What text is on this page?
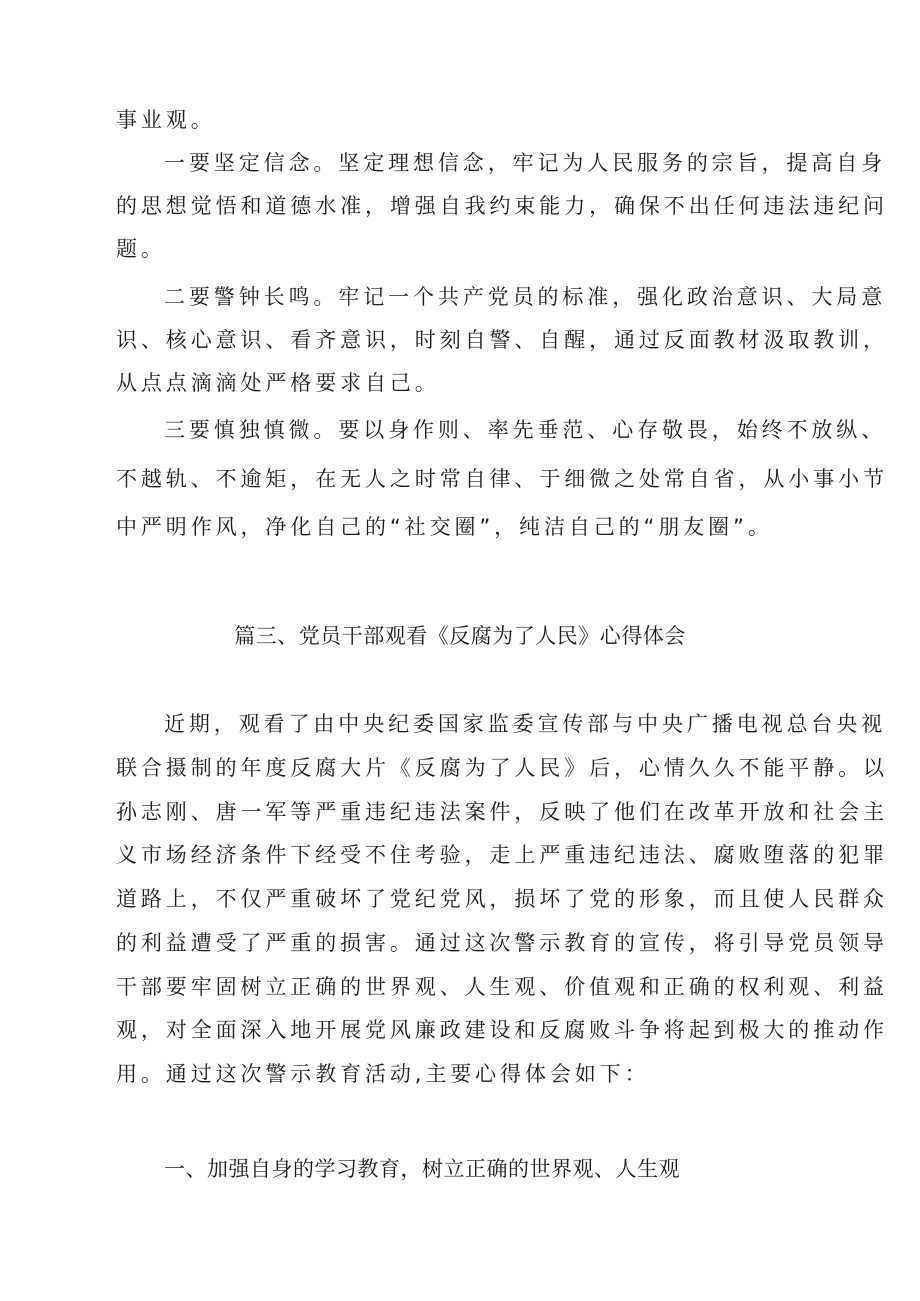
事业观。
一要坚定信念。坚定理想信念，牢记为人民服务的宗旨，提高自身
的思想觉悟和道德水准，增强自我约束能力，确保不出任何违法违纪问
题。
二要警钟长鸣。牢记一个共产党员的标准，强化政治意识、大局意
识、核心意识、看齐意识，时刻自警、自醒，通过反面教材汲取教训，
从点点滴滴处严格要求自己。
三要慎独慎微。要以身作则、率先垂范、心存敬畏，始终不放纵、
不越轨、不逾矩，在无人之时常自律、于细微之处常自省，从小事小节
中严明作风，净化自己的“社交圈”，纯洁自己的“朋友圈”。
篇三、党员干部观看《反腐为了人民》心得体会
近期，观看了由中央纪委国家监委宣传部与中央广播电视总台央视
联合摄制的年度反腐大片《反腐为了人民》后，心情久久不能平静。以
孙志刚、唐一军等严重违纪违法案件，反映了他们在改革开放和社会主
义市场经济条件下经受不住考验，走上严重违纪违法、腐败堕落的犯罪
道路上，不仅严重破坏了党纪党风，损坏了党的形象，而且使人民群众
的利益遭受了严重的损害。通过这次警示教育的宣传，将引导党员领导
干部要牢固树立正确的世界观、人生观、价值观和正确的权利观、利益
观，对全面深入地开展党风廉政建设和反腐败斗争将起到极大的推动作
用。通过这次警示教育活动,主要心得体会如下：
一、加强自身的学习教育，树立正确的世界观、人生观
